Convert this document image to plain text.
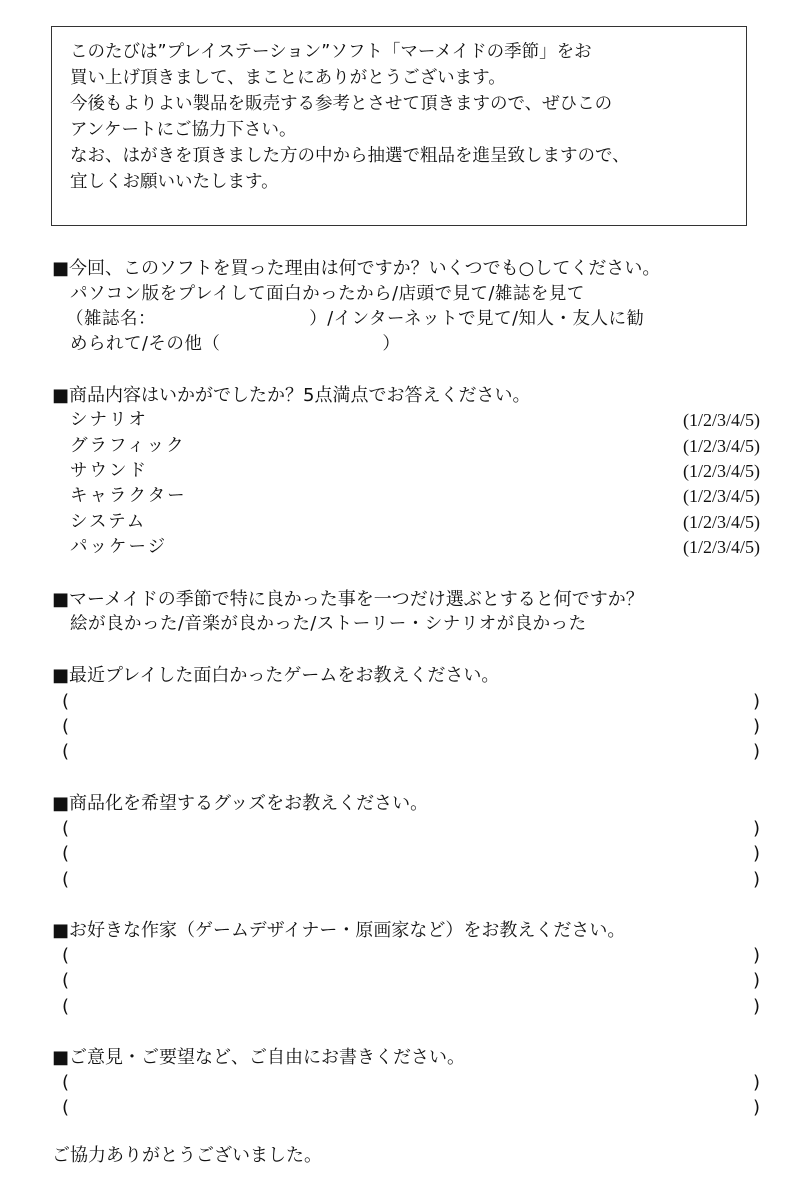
このたびは”プレイステーション”ソフト「マーメイドの季節」をお

買い上げ頂きまして、まことにありがとうございます。

今後もよりよい製品を販売する参考とさせて頂きますので、ぜひこの

アンケートにご協力下さい。

なお、はがきを頂きました方の中から抽選で粗品を進呈致しますので、

宜しくお願いいたします。

■今回、このソフトを買った理由は何ですか？いくつでも○してください。
パソコン版をプレイして面白かったから/店頭で見て/雑誌を見て
（雑誌名：　　　　　　　　　）/インターネットで見て/知人・友人に勧
められて/その他（　　　　　　　　　）
■商品内容はいかがでしたか？5点満点でお答えください。
シナリオ	(1/2/3/4/5)
グラフィック	(1/2/3/4/5)
サウンド	(1/2/3/4/5)
キャラクター	(1/2/3/4/5)
システム	(1/2/3/4/5)
パッケージ	(1/2/3/4/5)
■マーメイドの季節で特に良かった事を一つだけ選ぶとすると何ですか？
絵が良かった/音楽が良かった/ストーリー・シナリオが良かった
■最近プレイした面白かったゲームをお教えください。
(	)
(	)
(	)
■商品化を希望するグッズをお教えください。
(	)
(	)
(	)
■お好きな作家（ゲームデザイナー・原画家など）をお教えください。
(	)
(	)
(	)
■ご意見・ご要望など、ご自由にお書きください。
(	)
(	)
ご協力ありがとうございました。
